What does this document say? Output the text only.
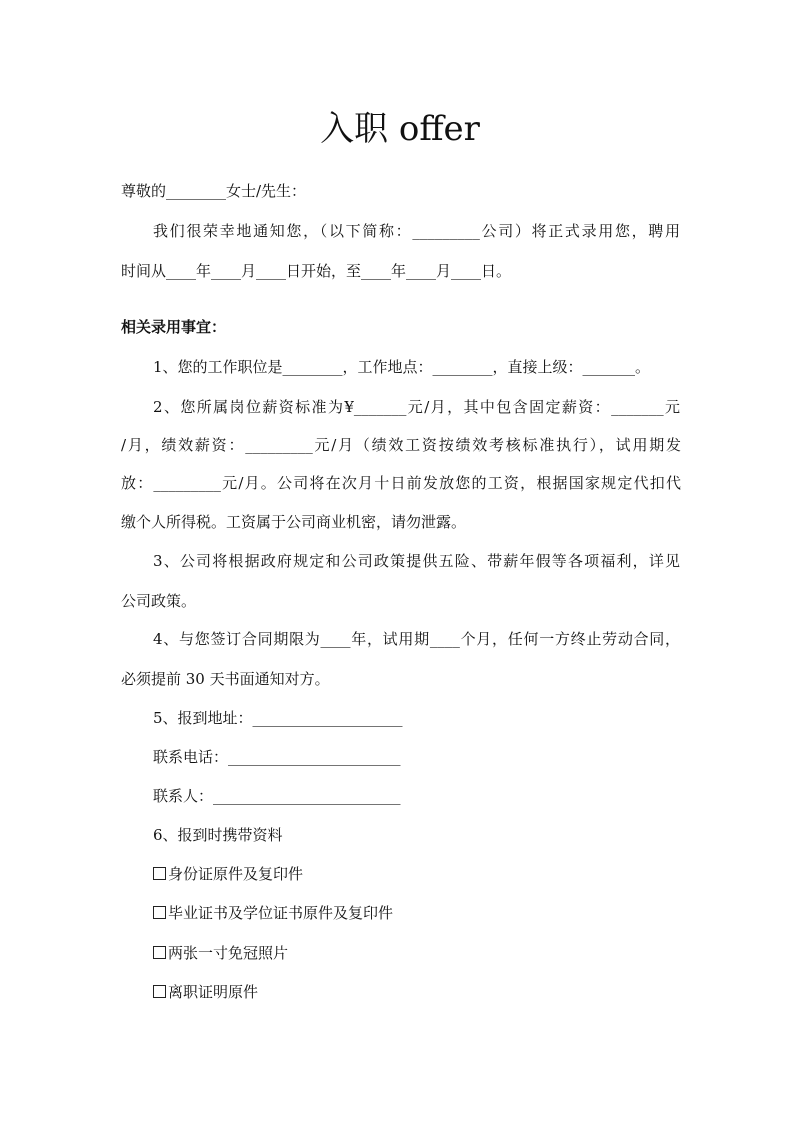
入职 offer
尊敬的________女士/先生：
我们很荣幸地通知您，（以下简称：_________公司）将正式录用您，聘用
时间从____年____月____日开始，至____年____月____日。
相关录用事宜：
1、您的工作职位是________，工作地点：________，直接上级：_______。
2、您所属岗位薪资标准为¥_______元/月，其中包含固定薪资：_______元
/月，绩效薪资：_________元/月（绩效工资按绩效考核标准执行），试用期发
放：_________元/月。公司将在次月十日前发放您的工资，根据国家规定代扣代
缴个人所得税。工资属于公司商业机密，请勿泄露。
3、公司将根据政府规定和公司政策提供五险、带薪年假等各项福利，详见
公司政策。
4、与您签订合同期限为____年，试用期____个月，任何一方终止劳动合同，
必须提前 30 天书面通知对方。
5、报到地址：____________________
联系电话：_______________________
联系人：_________________________
6、报到时携带资料
身份证原件及复印件
毕业证书及学位证书原件及复印件
两张一寸免冠照片
离职证明原件
